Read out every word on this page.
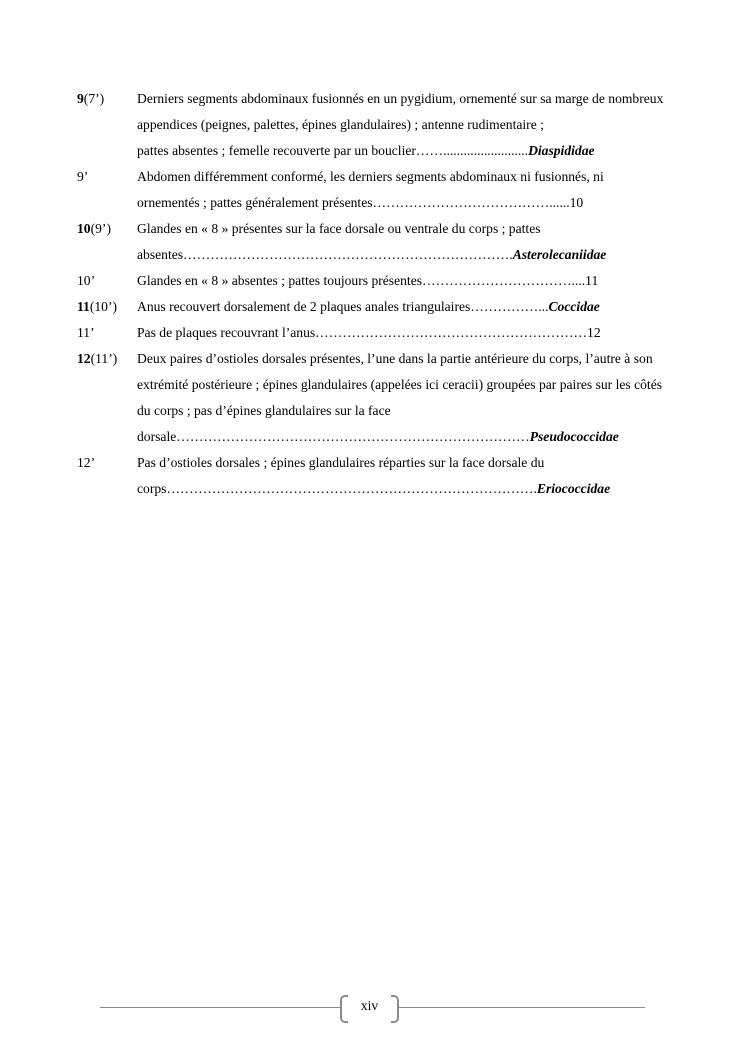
9(7’)	Derniers segments abdominaux fusionnés en un pygidium, ornementé sur sa marge de nombreux appendices (peignes, palettes, épines glandulaires) ; antenne rudimentaire ;
pattes absentes ; femelle recouverte par un bouclier…….........................Diaspididae
9’	Abdomen différemment conformé, les derniers segments abdominaux ni fusionnés, ni
ornementés ; pattes généralement présentes…………………………………......10
10(9’)	Glandes en « 8 » présentes sur la face dorsale ou ventrale du corps ; pattes
absentes……………………………………………………………….Asterolecaniidae
10’	Glandes en « 8 » absentes ; pattes toujours présentes……………………………....11
11(10’)	Anus recouvert dorsalement de 2 plaques anales triangulaires……………...Coccidae
11’	Pas de plaques recouvrant l’anus……………………………………………………12
12(11’)	Deux paires d’ostioles dorsales présentes, l’une dans la partie antérieure du corps, l’autre à son extrémité postérieure ; épines glandulaires (appelées ici ceracii) groupées par paires sur les côtés du corps ; pas d’épines glandulaires sur la face
dorsale……………………………………………………………………Pseudococcidae
12’	Pas d’ostioles dorsales ; épines glandulaires réparties sur la face dorsale du
corps……………………………………………………………………….Eriococcidae
xiv
